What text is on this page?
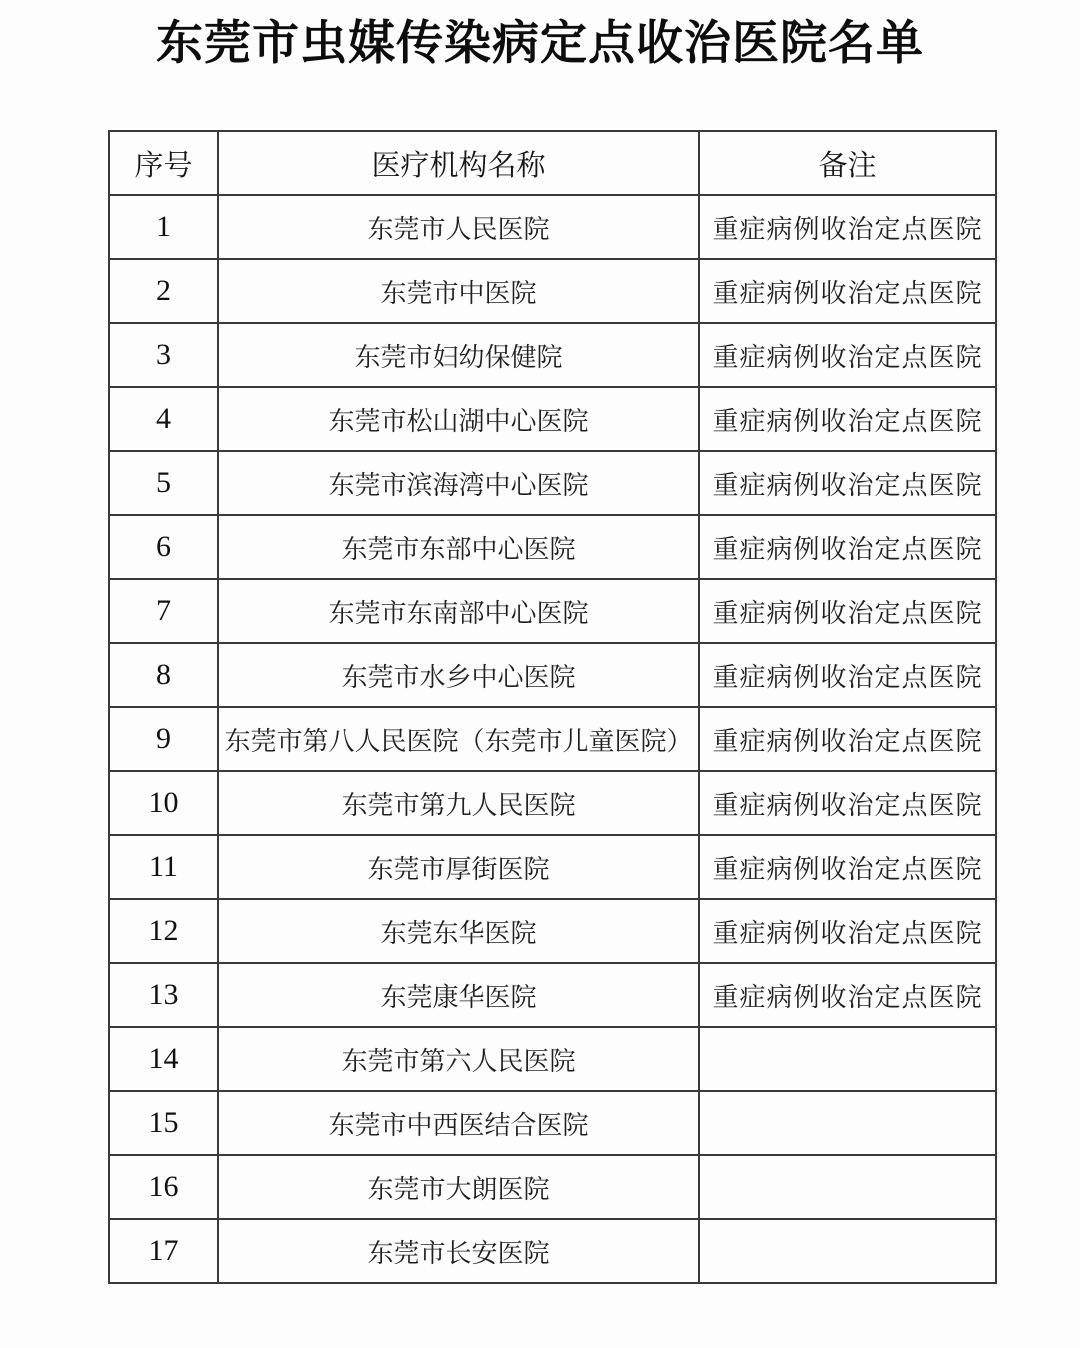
东莞市虫媒传染病定点收治医院名单
序号	医疗机构名称	备注
1	东莞市人民医院	重症病例收治定点医院
2	东莞市中医院	重症病例收治定点医院
3	东莞市妇幼保健院	重症病例收治定点医院
4	东莞市松山湖中心医院	重症病例收治定点医院
5	东莞市滨海湾中心医院	重症病例收治定点医院
6	东莞市东部中心医院	重症病例收治定点医院
7	东莞市东南部中心医院	重症病例收治定点医院
8	东莞市水乡中心医院	重症病例收治定点医院
9	东莞市第八人民医院（东莞市儿童医院）	重症病例收治定点医院
10	东莞市第九人民医院	重症病例收治定点医院
11	东莞市厚街医院	重症病例收治定点医院
12	东莞东华医院	重症病例收治定点医院
13	东莞康华医院	重症病例收治定点医院
14	东莞市第六人民医院	
15	东莞市中西医结合医院	
16	东莞市大朗医院	
17	东莞市长安医院	
